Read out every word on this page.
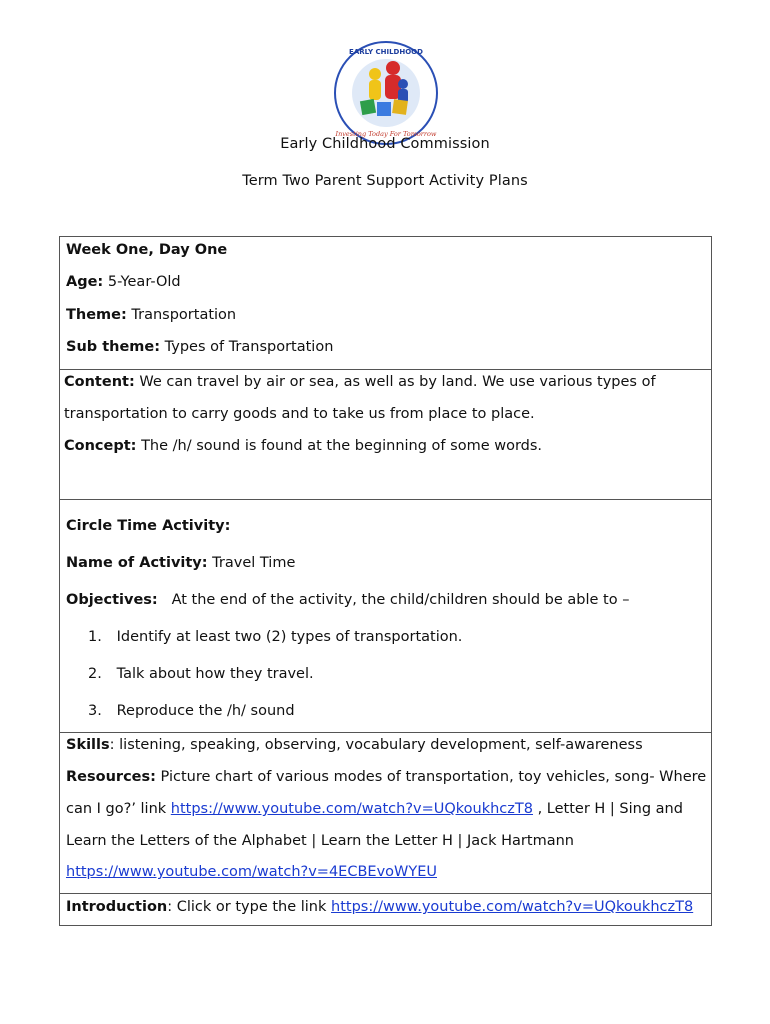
EARLY CHILDHOOD
Investing Today For Tomorrow
Early Childhood Commission
Term Two Parent Support Activity Plans
Week One, Day One
Age: 5-Year-Old
Theme: Transportation
Sub theme: Types of Transportation
Content: We can travel by air or sea, as well as by land. We use various types of
transportation to carry goods and to take us from place to place.
Concept: The /h/ sound is found at the beginning of some words.
Circle Time Activity:
Name of Activity: Travel Time
Objectives: At the end of the activity, the child/children should be able to –
1. Identify at least two (2) types of transportation.
2. Talk about how they travel.
3. Reproduce the /h/ sound
Skills: listening, speaking, observing, vocabulary development, self-awareness
Resources: Picture chart of various modes of transportation, toy vehicles, song- Where
can I go?’ link https://www.youtube.com/watch?v=UQkoukhczT8 , Letter H | Sing and
Learn the Letters of the Alphabet | Learn the Letter H | Jack Hartmann
https://www.youtube.com/watch?v=4ECBEvoWYEU
Introduction: Click or type the link https://www.youtube.com/watch?v=UQkoukhczT8
